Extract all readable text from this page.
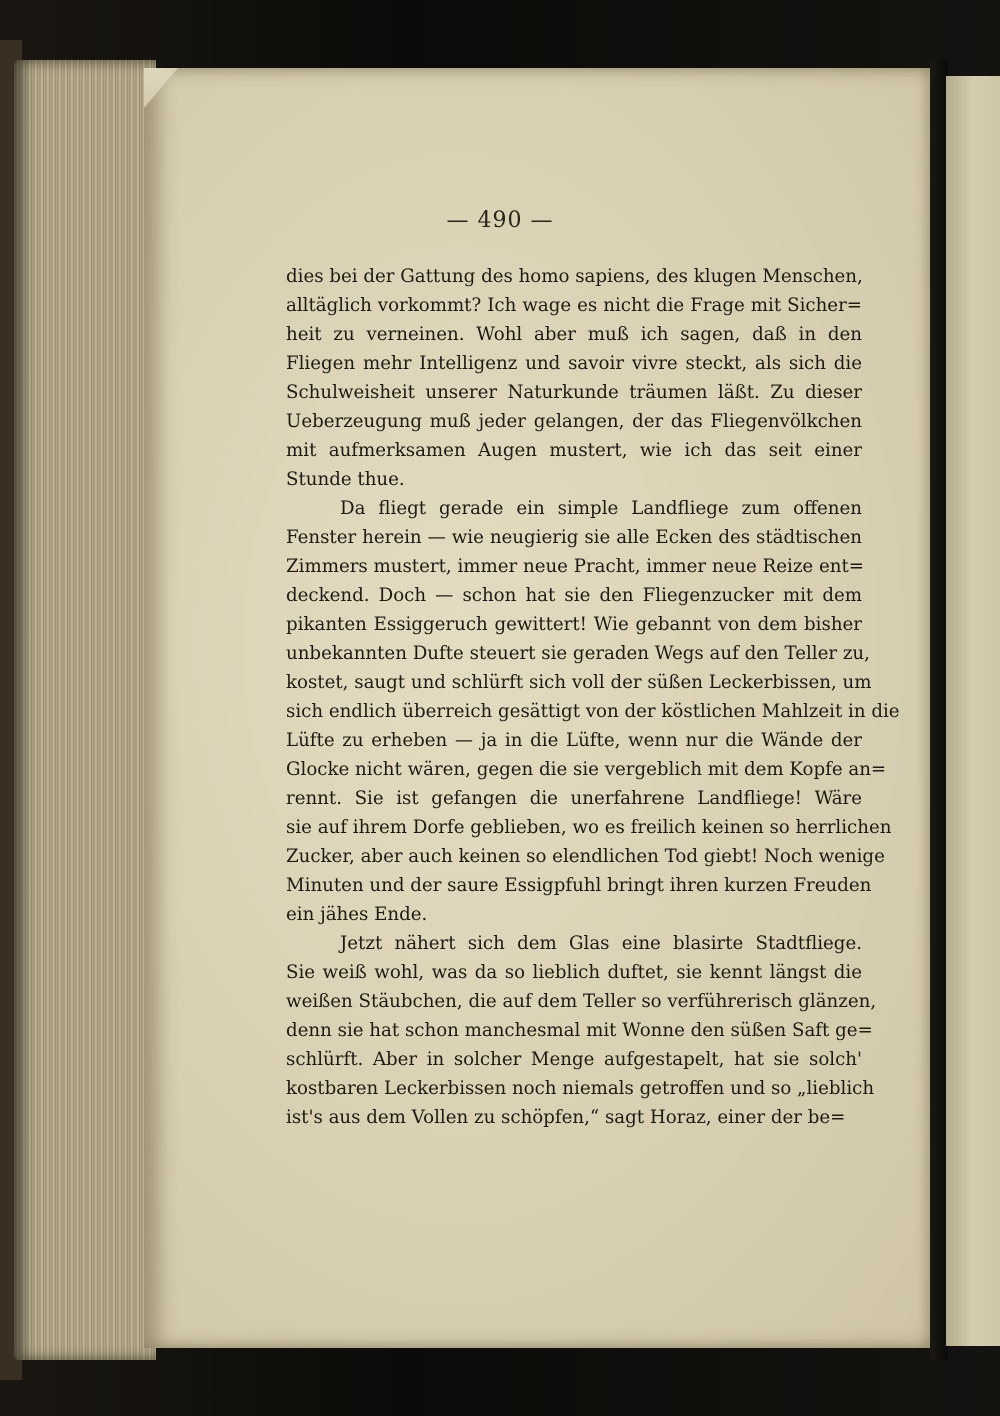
— 490 —
dies bei der Gattung des homo sapiens, des klugen Menschen,
alltäglich vorkommt? Ich wage es nicht die Frage mit Sicher=
heit zu verneinen. Wohl aber muß ich sagen, daß in den
Fliegen mehr Intelligenz und savoir vivre steckt, als sich die
Schulweisheit unserer Naturkunde träumen läßt. Zu dieser
Ueberzeugung muß jeder gelangen, der das Fliegenvölkchen
mit aufmerksamen Augen mustert, wie ich das seit einer
Stunde thue.
Da fliegt gerade ein simple Landfliege zum offenen
Fenster herein — wie neugierig sie alle Ecken des städtischen
Zimmers mustert, immer neue Pracht, immer neue Reize ent=
deckend. Doch — schon hat sie den Fliegenzucker mit dem
pikanten Essiggeruch gewittert! Wie gebannt von dem bisher
unbekannten Dufte steuert sie geraden Wegs auf den Teller zu,
kostet, saugt und schlürft sich voll der süßen Leckerbissen, um
sich endlich überreich gesättigt von der köstlichen Mahlzeit in die
Lüfte zu erheben — ja in die Lüfte, wenn nur die Wände der
Glocke nicht wären, gegen die sie vergeblich mit dem Kopfe an=
rennt. Sie ist gefangen die unerfahrene Landfliege! Wäre
sie auf ihrem Dorfe geblieben, wo es freilich keinen so herrlichen
Zucker, aber auch keinen so elendlichen Tod giebt! Noch wenige
Minuten und der saure Essigpfuhl bringt ihren kurzen Freuden
ein jähes Ende.
Jetzt nähert sich dem Glas eine blasirte Stadtfliege.
Sie weiß wohl, was da so lieblich duftet, sie kennt längst die
weißen Stäubchen, die auf dem Teller so verführerisch glänzen,
denn sie hat schon manchesmal mit Wonne den süßen Saft ge=
schlürft. Aber in solcher Menge aufgestapelt, hat sie solch'
kostbaren Leckerbissen noch niemals getroffen und so „lieblich
ist's aus dem Vollen zu schöpfen,“ sagt Horaz, einer der be=
